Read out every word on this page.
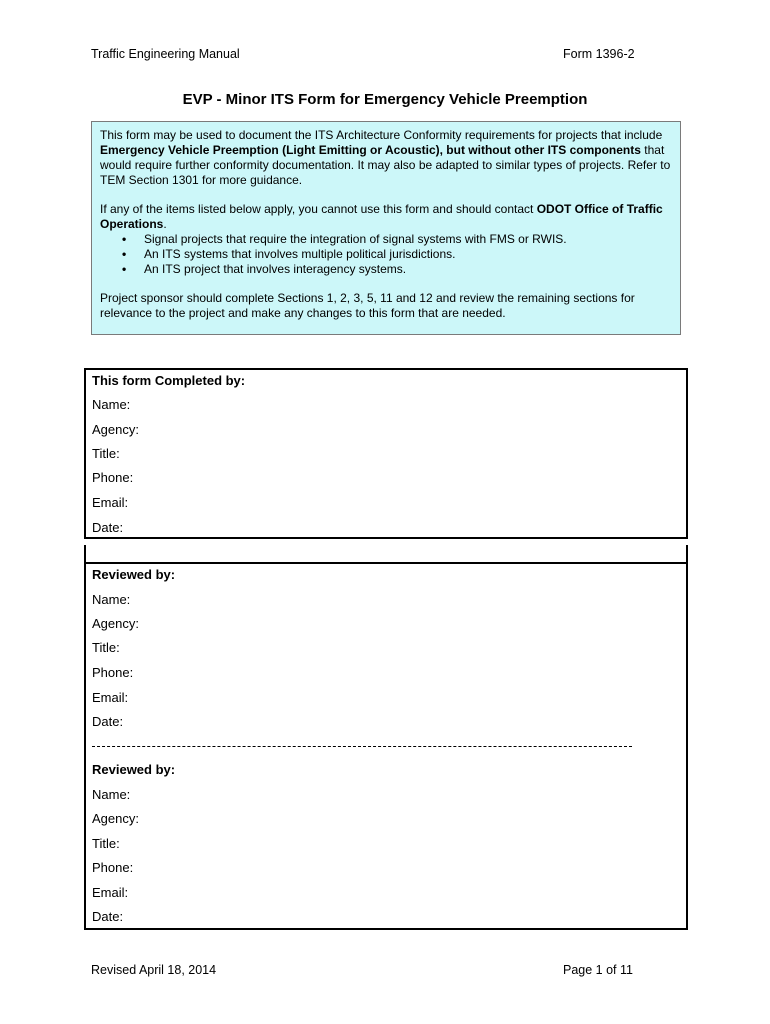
Traffic Engineering Manual	Form 1396-2
EVP - Minor ITS Form for Emergency Vehicle Preemption

This form may be used to document the ITS Architecture Conformity requirements for projects that include Emergency Vehicle Preemption (Light Emitting or Acoustic), but without other ITS components that would require further conformity documentation. It may also be adapted to similar types of projects. Refer to TEM Section 1301 for more guidance.

If any of the items listed below apply, you cannot use this form and should contact ODOT Office of Traffic Operations.

• Signal projects that require the integration of signal systems with FMS or RWIS.
• An ITS systems that involves multiple political jurisdictions.
• An ITS project that involves interagency systems.

Project sponsor should complete Sections 1, 2, 3, 5, 11 and 12 and review the remaining sections for relevance to the project and make any changes to this form that are needed.

This form Completed by:
Name:
Agency:
Title:
Phone:
Email:
Date:
Reviewed by:
Name:
Agency:
Title:
Phone:
Email:
Date:
Reviewed by:
Name:
Agency:
Title:
Phone:
Email:
Date:
Revised April 18, 2014	Page 1 of 11
